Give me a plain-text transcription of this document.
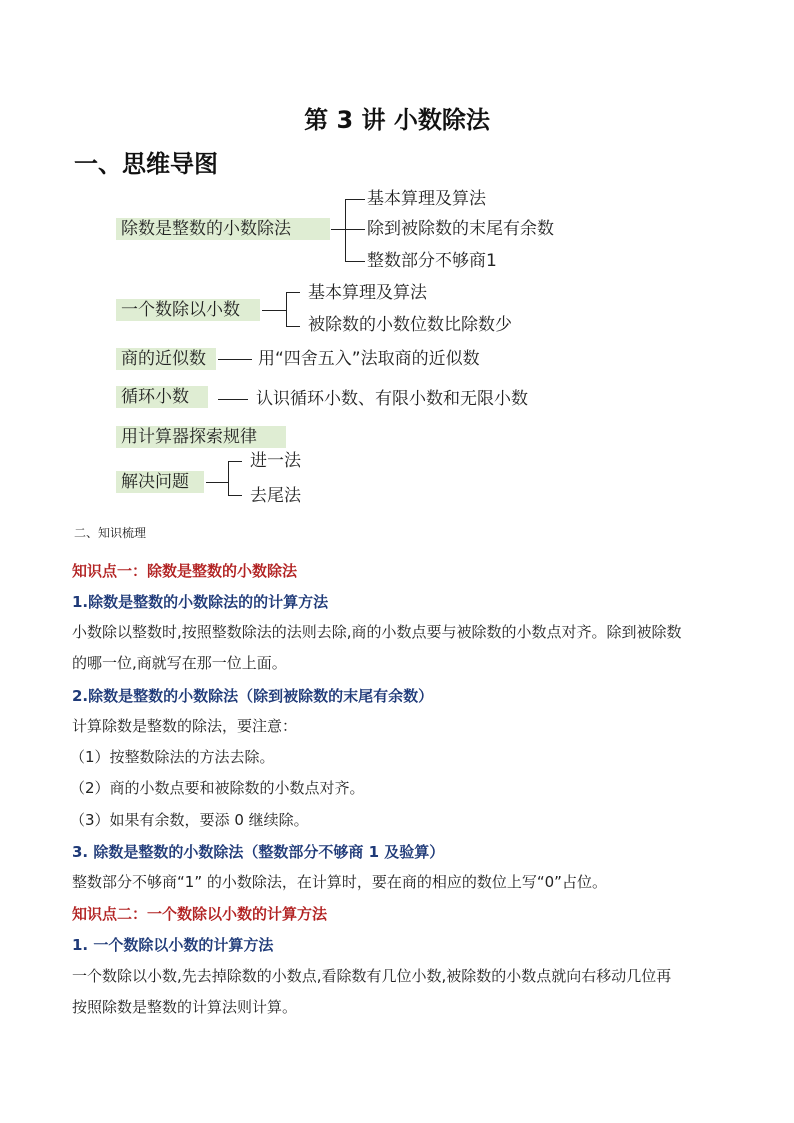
第 3 讲 小数除法
一、思维导图
除数是整数的小数除法
基本算理及算法
除到被除数的末尾有余数
整数部分不够商1
一个数除以小数
基本算理及算法
被除数的小数位数比除数少
商的近似数	用“四舍五入”法取商的近似数
循环小数	认识循环小数、有限小数和无限小数
用计算器探索规律
解决问题
进一法
去尾法
二、知识梳理
知识点一：除数是整数的小数除法
1.除数是整数的小数除法的的计算方法
小数除以整数时,按照整数除法的法则去除,商的小数点要与被除数的小数点对齐。除到被除数
的哪一位,商就写在那一位上面。
2.除数是整数的小数除法（除到被除数的末尾有余数）
计算除数是整数的除法，要注意：
（1）按整数除法的方法去除。
（2）商的小数点要和被除数的小数点对齐。
（3）如果有余数，要添 0 继续除。
3. 除数是整数的小数除法（整数部分不够商 1 及验算）
整数部分不够商“1” 的小数除法，在计算时，要在商的相应的数位上写“0”占位。
知识点二：一个数除以小数的计算方法
1. 一个数除以小数的计算方法
一个数除以小数,先去掉除数的小数点,看除数有几位小数,被除数的小数点就向右移动几位再
按照除数是整数的计算法则计算。
